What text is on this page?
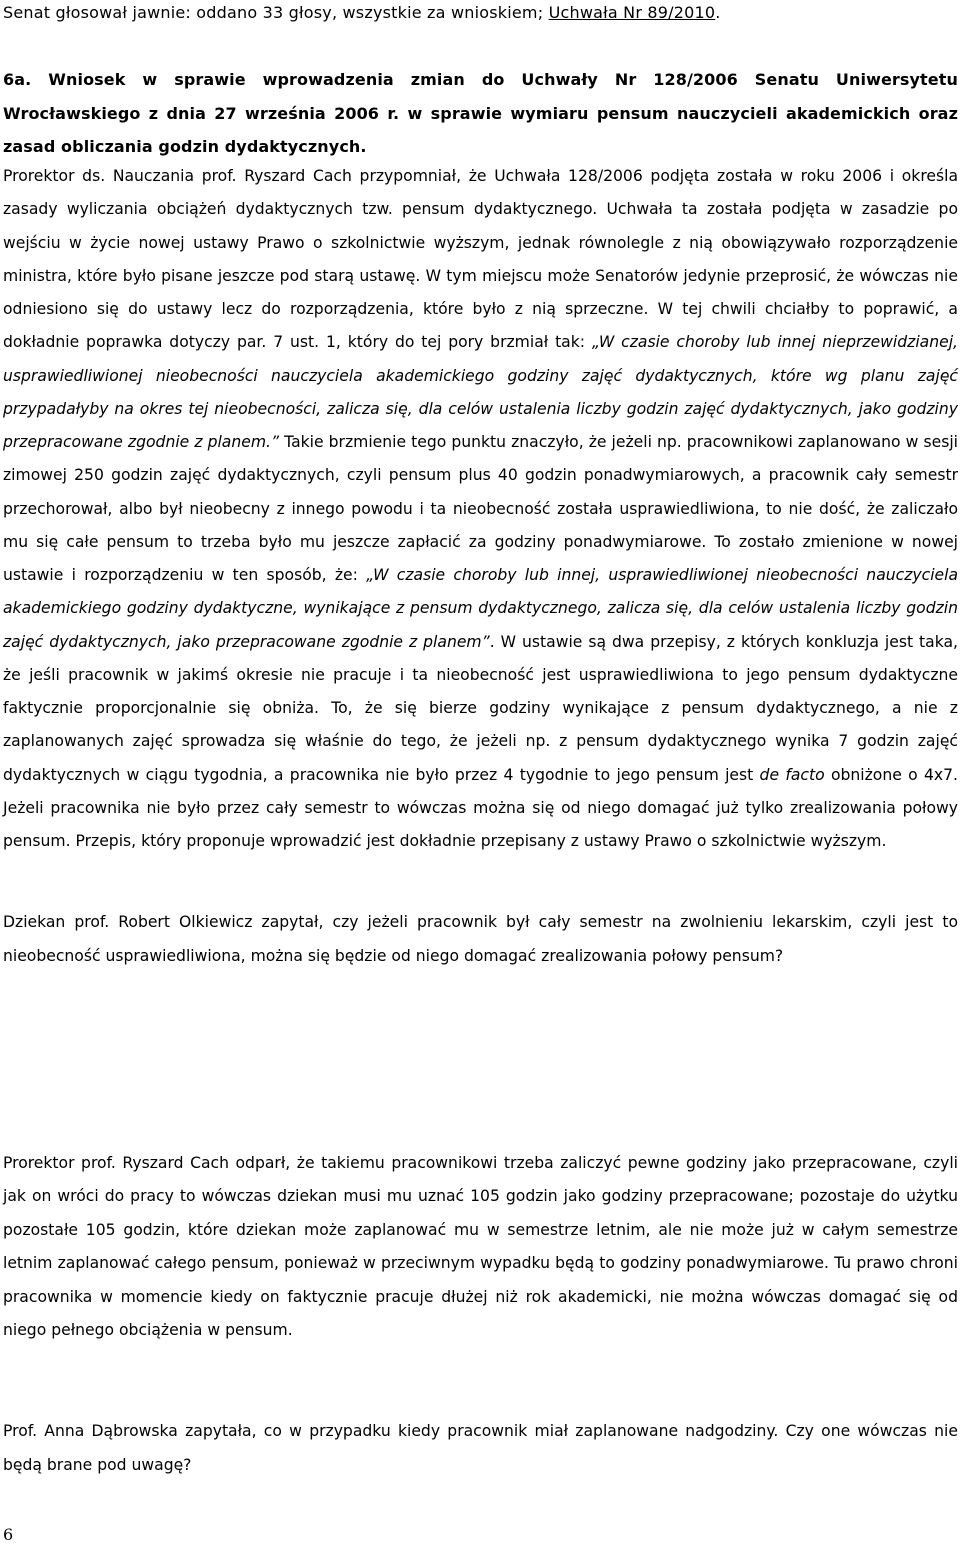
Senat głosował jawnie: oddano 33 głosy, wszystkie za wnioskiem; Uchwała Nr 89/2010.
6a. Wniosek w sprawie wprowadzenia zmian do Uchwały Nr 128/2006 Senatu Uniwersytetu Wrocławskiego z dnia 27 września 2006 r. w sprawie wymiaru pensum nauczycieli akademickich oraz zasad obliczania godzin dydaktycznych.
Prorektor ds. Nauczania prof. Ryszard Cach przypomniał, że Uchwała 128/2006 podjęta została w roku 2006 i określa zasady wyliczania obciążeń dydaktycznych tzw. pensum dydaktycznego. Uchwała ta została podjęta w zasadzie po wejściu w życie nowej ustawy Prawo o szkolnictwie wyższym, jednak równolegle z nią obowiązywało rozporządzenie ministra, które było pisane jeszcze pod starą ustawę. W tym miejscu może Senatorów jedynie przeprosić, że wówczas nie odniesiono się do ustawy lecz do rozporządzenia, które było z nią sprzeczne. W tej chwili chciałby to poprawić, a dokładnie poprawka dotyczy par. 7 ust. 1, który do tej pory brzmiał tak: „W czasie choroby lub innej nieprzewidzianej, usprawiedliwionej nieobecności nauczyciela akademickiego godziny zajęć dydaktycznych, które wg planu zajęć przypadałyby na okres tej nieobecności, zalicza się, dla celów ustalenia liczby godzin zajęć dydaktycznych, jako godziny przepracowane zgodnie z planem.” Takie brzmienie tego punktu znaczyło, że jeżeli np. pracownikowi zaplanowano w sesji zimowej 250 godzin zajęć dydaktycznych, czyli pensum plus 40 godzin ponadwymiarowych, a pracownik cały semestr przechorował, albo był nieobecny z innego powodu i ta nieobecność została usprawiedliwiona, to nie dość, że zaliczało mu się całe pensum to trzeba było mu jeszcze zapłacić za godziny ponadwymiarowe. To zostało zmienione w nowej ustawie i rozporządzeniu w ten sposób, że: „W czasie choroby lub innej, usprawiedliwionej nieobecności nauczyciela akademickiego godziny dydaktyczne, wynikające z pensum dydaktycznego, zalicza się, dla celów ustalenia liczby godzin zajęć dydaktycznych, jako przepracowane zgodnie z planem”. W ustawie są dwa przepisy, z których konkluzja jest taka, że jeśli pracownik w jakimś okresie nie pracuje i ta nieobecność jest usprawiedliwiona to jego pensum dydaktyczne faktycznie proporcjonalnie się obniża. To, że się bierze godziny wynikające z pensum dydaktycznego, a nie z zaplanowanych zajęć sprowadza się właśnie do tego, że jeżeli np. z pensum dydaktycznego wynika 7 godzin zajęć dydaktycznych w ciągu tygodnia, a pracownika nie było przez 4 tygodnie to jego pensum jest de facto obniżone o 4x7. Jeżeli pracownika nie było przez cały semestr to wówczas można się od niego domagać już tylko zrealizowania połowy pensum. Przepis, który proponuje wprowadzić jest dokładnie przepisany z ustawy Prawo o szkolnictwie wyższym.
Dziekan prof. Robert Olkiewicz zapytał, czy jeżeli pracownik był cały semestr na zwolnieniu lekarskim, czyli jest to nieobecność usprawiedliwiona, można się będzie od niego domagać zrealizowania połowy pensum?
Prorektor prof. Ryszard Cach odparł, że takiemu pracownikowi trzeba zaliczyć pewne godziny jako przepracowane, czyli jak on wróci do pracy to wówczas dziekan musi mu uznać 105 godzin jako godziny przepracowane; pozostaje do użytku pozostałe 105 godzin, które dziekan może zaplanować mu w semestrze letnim, ale nie może już w całym semestrze letnim zaplanować całego pensum, ponieważ w przeciwnym wypadku będą to godziny ponadwymiarowe. Tu prawo chroni pracownika w momencie kiedy on faktycznie pracuje dłużej niż rok akademicki, nie można wówczas domagać się od niego pełnego obciążenia w pensum.
Prof. Anna Dąbrowska zapytała, co w przypadku kiedy pracownik miał zaplanowane nadgodziny. Czy one wówczas nie będą brane pod uwagę?
6
